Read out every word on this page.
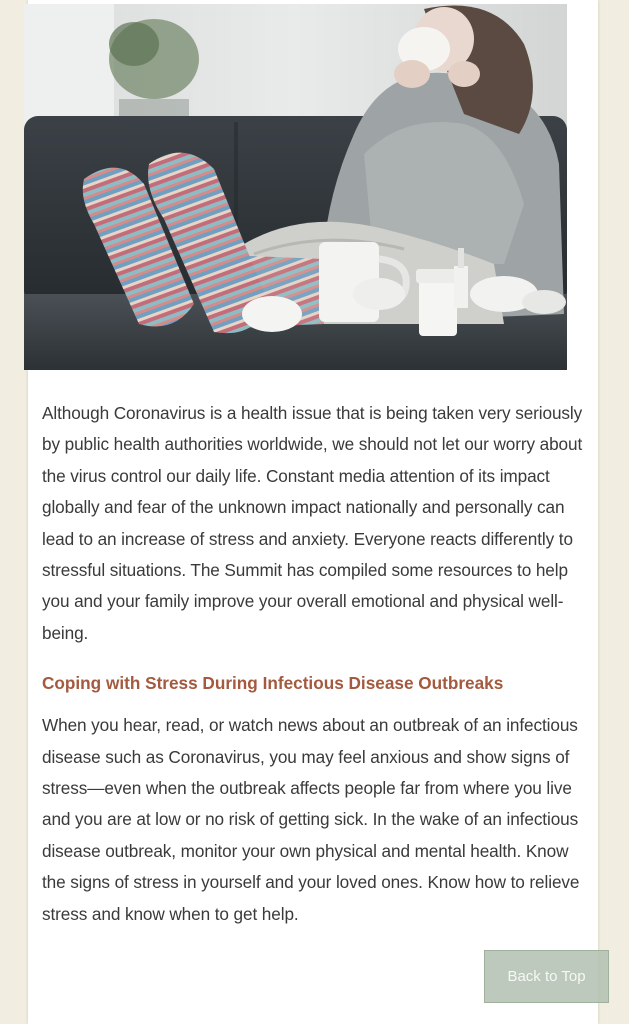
Although Coronavirus is a health issue that is being taken very seriously by public health authorities worldwide, we should not let our worry about the virus control our daily life. Constant media attention of its impact globally and fear of the unknown impact nationally and personally can lead to an increase of stress and anxiety. Everyone reacts differently to stressful situations. The Summit has compiled some resources to help you and your family improve your overall emotional and physical well-being.

Coping with Stress During Infectious Disease Outbreaks

When you hear, read, or watch news about an outbreak of an infectious disease such as Coronavirus, you may feel anxious and show signs of stress—even when the outbreak affects people far from where you live and you are at low or no risk of getting sick. In the wake of an infectious disease outbreak, monitor your own physical and mental health. Know the signs of stress in yourself and your loved ones. Know how to relieve stress and know when to get help.

Back to Top
